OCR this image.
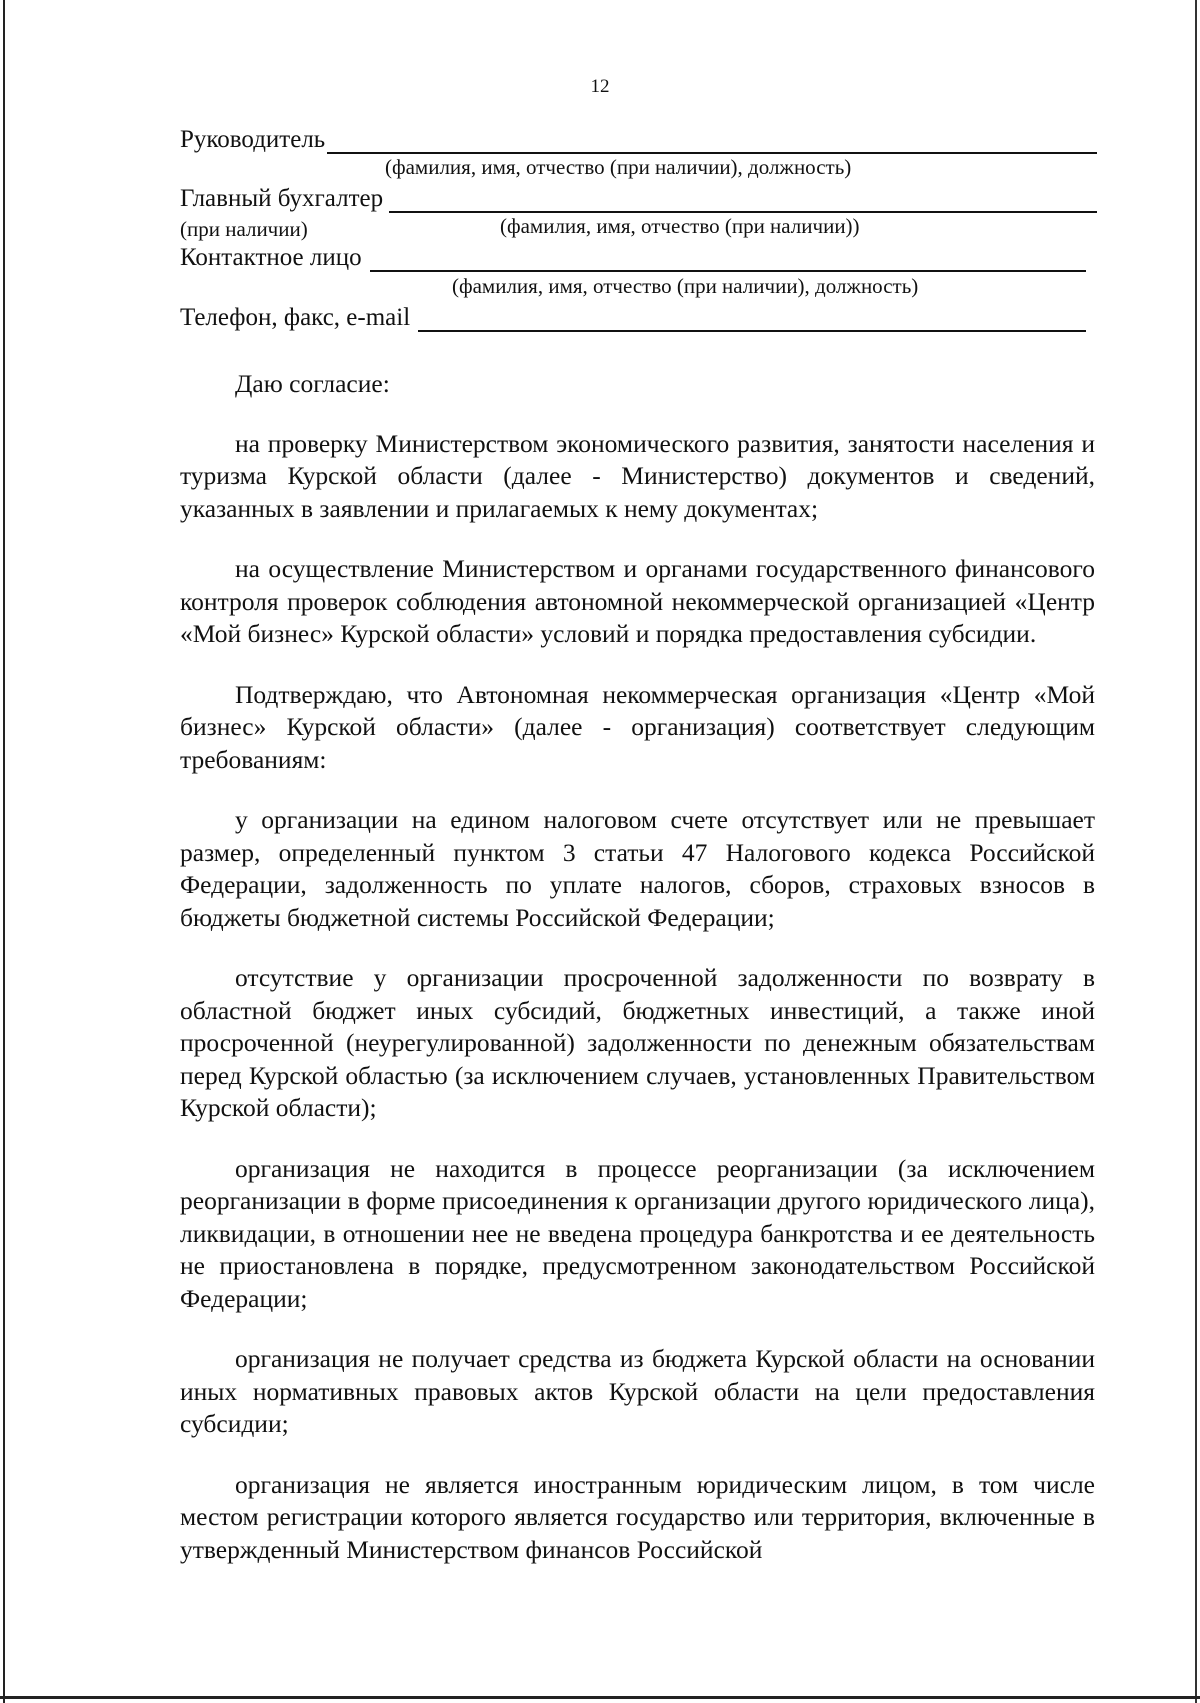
12
Руководитель
(фамилия, имя, отчество (при наличии), должность)
Главный бухгалтер
(при наличии)	(фамилия, имя, отчество (при наличии))
Контактное лицо
(фамилия, имя, отчество (при наличии), должность)
Телефон, факс, e-mail

Даю согласие:

на проверку Министерством экономического развития, занятости населения и туризма Курской области (далее - Министерство) документов и сведений, указанных в заявлении и прилагаемых к нему документах;

на осуществление Министерством и органами государственного финансового контроля проверок соблюдения автономной некоммерческой организацией «Центр «Мой бизнес» Курской области» условий и порядка предоставления субсидии.

Подтверждаю, что Автономная некоммерческая организация «Центр «Мой бизнес» Курской области» (далее - организация) соответствует следующим требованиям:

у организации на едином налоговом счете отсутствует или не превышает размер, определенный пунктом 3 статьи 47 Налогового кодекса Российской Федерации, задолженность по уплате налогов, сборов, страховых взносов в бюджеты бюджетной системы Российской Федерации;

отсутствие у организации просроченной задолженности по возврату в областной бюджет иных субсидий, бюджетных инвестиций, а также иной просроченной (неурегулированной) задолженности по денежным обязательствам перед Курской областью (за исключением случаев, установленных Правительством Курской области);

организация не находится в процессе реорганизации (за исключением реорганизации в форме присоединения к организации другого юридического лица), ликвидации, в отношении нее не введена процедура банкротства и ее деятельность не приостановлена в порядке, предусмотренном законодательством Российской Федерации;

организация не получает средства из бюджета Курской области на основании иных нормативных правовых актов Курской области на цели предоставления субсидии;

организация не является иностранным юридическим лицом, в том числе местом регистрации которого является государство или территория, включенные в утвержденный Министерством финансов Российской
